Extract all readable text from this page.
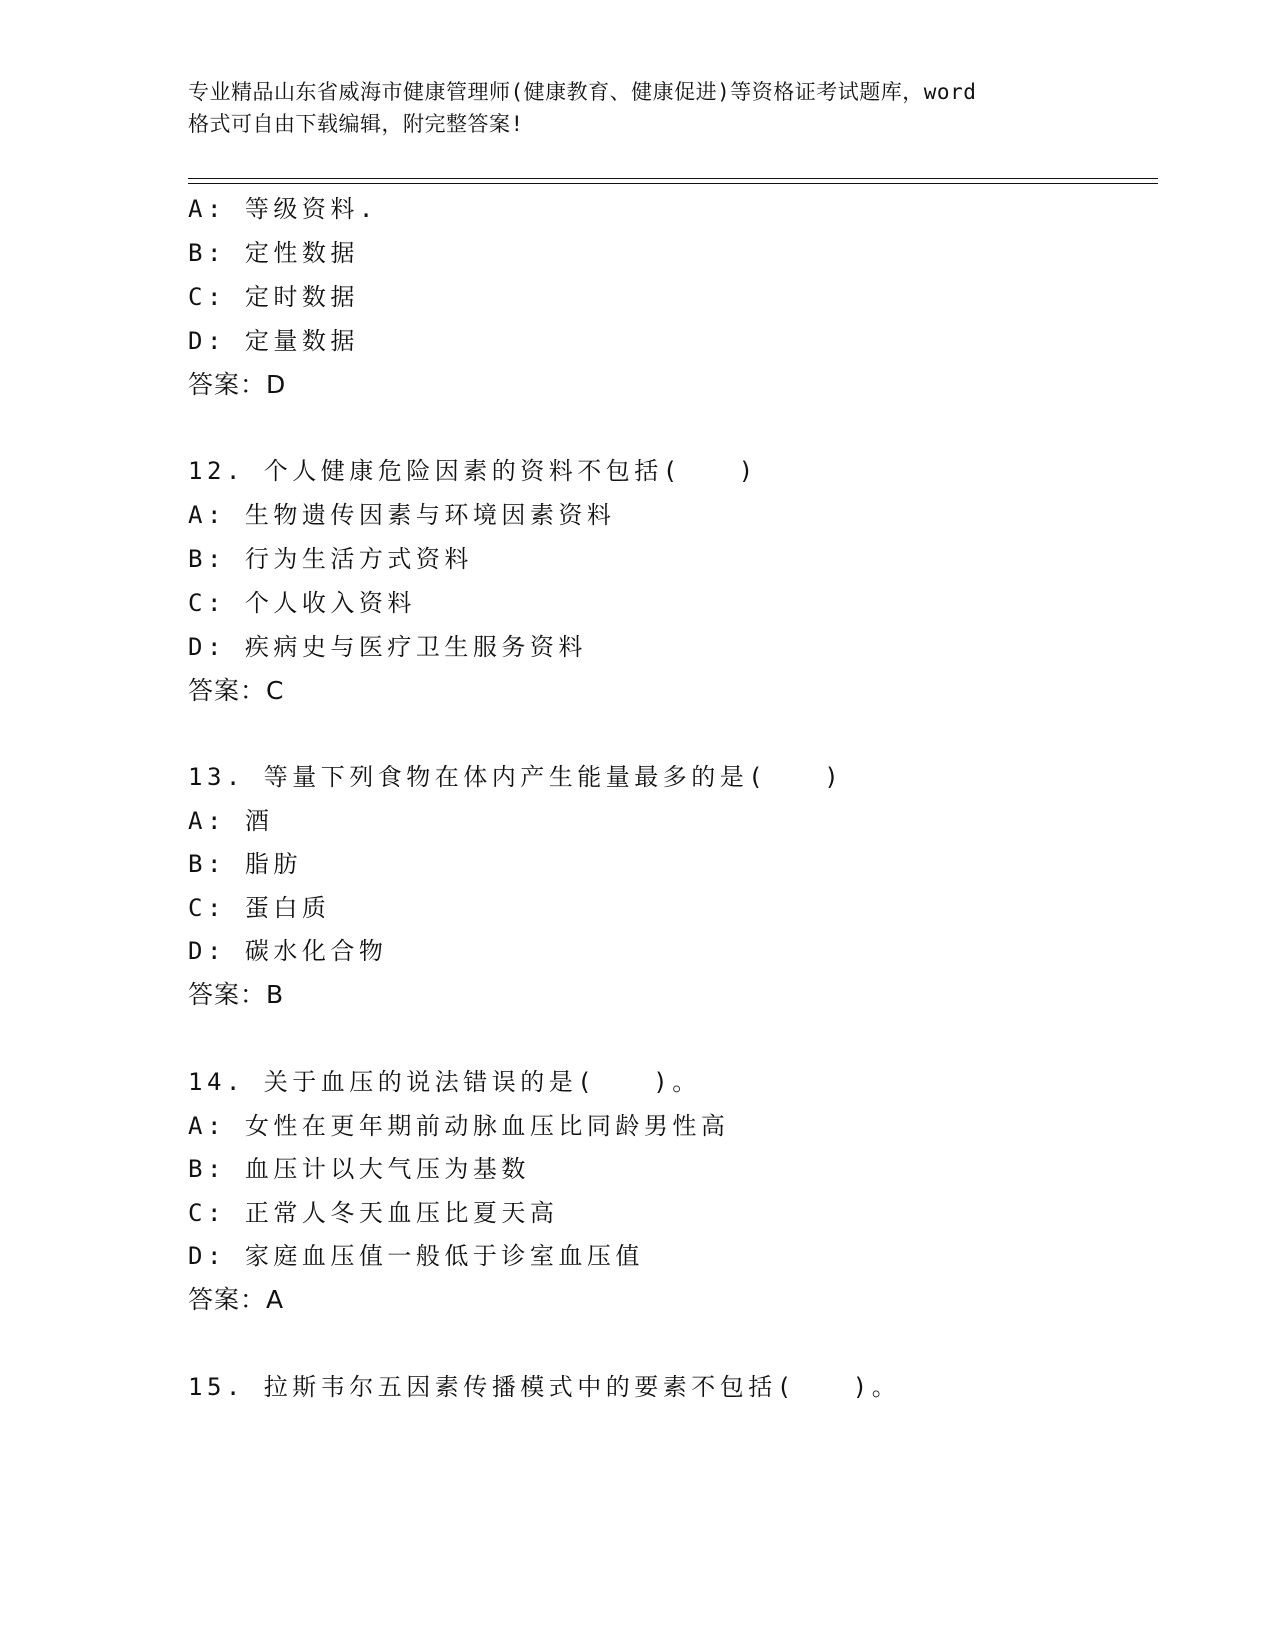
专业精品山东省威海市健康管理师(健康教育、健康促进)等资格证考试题库，word
格式可自由下载编辑，附完整答案!
A: 等级资料.
B: 定性数据
C: 定时数据
D: 定量数据
答案：D
12. 个人健康危险因素的资料不包括(　　)
A: 生物遗传因素与环境因素资料
B: 行为生活方式资料
C: 个人收入资料
D: 疾病史与医疗卫生服务资料
答案：C
13. 等量下列食物在体内产生能量最多的是(　　)
A: 酒
B: 脂肪
C: 蛋白质
D: 碳水化合物
答案：B
14. 关于血压的说法错误的是(　　)。
A: 女性在更年期前动脉血压比同龄男性高
B: 血压计以大气压为基数
C: 正常人冬天血压比夏天高
D: 家庭血压值一般低于诊室血压值
答案：A
15. 拉斯韦尔五因素传播模式中的要素不包括(　　)。
